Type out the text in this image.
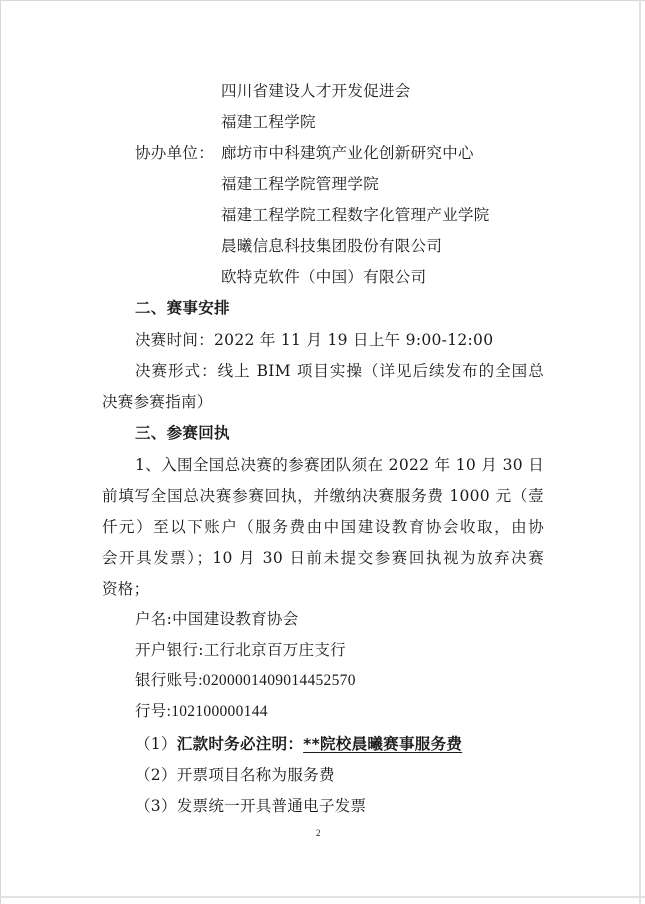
四川省建设人才开发促进会
福建工程学院
协办单位： 廊坊市中科建筑产业化创新研究中心
福建工程学院管理学院
福建工程学院工程数字化管理产业学院
晨曦信息科技集团股份有限公司
欧特克软件（中国）有限公司
二、赛事安排
决赛时间：2022 年 11 月 19 日上午 9:00-12:00
决赛形式：线上 BIM 项目实操（详见后续发布的全国总
决赛参赛指南）
三、参赛回执
1、入围全国总决赛的参赛团队须在 2022 年 10 月 30 日
前填写全国总决赛参赛回执，并缴纳决赛服务费 1000 元（壹
仟元）至以下账户（服务费由中国建设教育协会收取，由协
会开具发票）；10 月 30 日前未提交参赛回执视为放弃决赛
资格；
户名:中国建设教育协会
开户银行:工行北京百万庄支行
银行账号:0200001409014452570
行号:102100000144
（1）汇款时务必注明：**院校晨曦赛事服务费
（2）开票项目名称为服务费
（3）发票统一开具普通电子发票
2
